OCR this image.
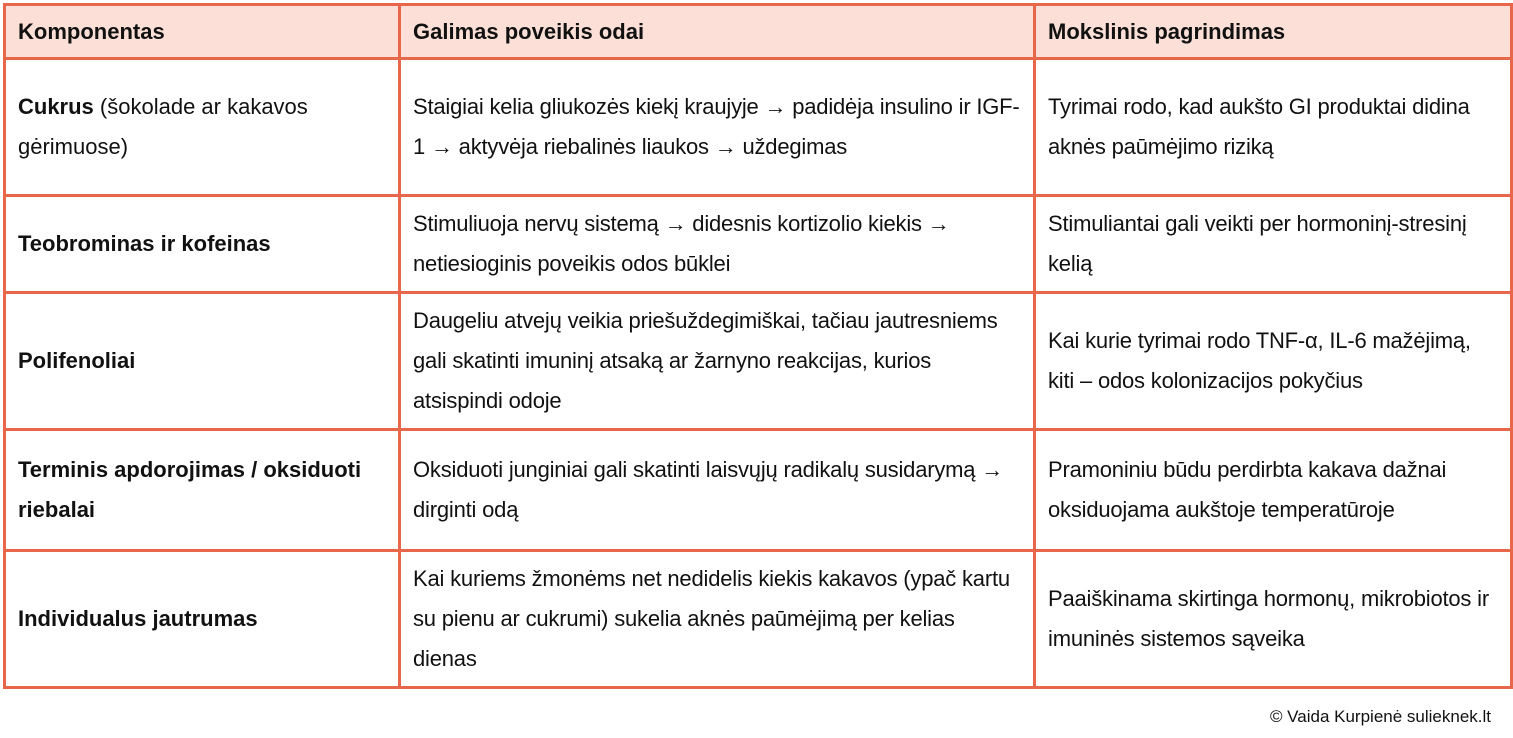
Komponentas	Galimas poveikis odai	Mokslinis pagrindimas
Cukrus (šokolade ar kakavos gėrimuose)	Staigiai kelia gliukozės kiekį kraujyje → padidėja insulino ir IGF-1 → aktyvėja riebalinės liaukos → uždegimas	Tyrimai rodo, kad aukšto GI produktai didina aknės paūmėjimo riziką
Teobrominas ir kofeinas	Stimuliuoja nervų sistemą → didesnis kortizolio kiekis → netiesioginis poveikis odos būklei	Stimuliantai gali veikti per hormoninį-stresinį kelią
Polifenoliai	Daugeliu atvejų veikia priešuždegimiškai, tačiau jautresniems gali skatinti imuninį atsaką ar žarnyno reakcijas, kurios atsispindi odoje	Kai kurie tyrimai rodo TNF-α, IL-6 mažėjimą, kiti – odos kolonizacijos pokyčius
Terminis apdorojimas / oksiduoti riebalai	Oksiduoti junginiai gali skatinti laisvųjų radikalų susidarymą → dirginti odą	Pramoniniu būdu perdirbta kakava dažnai oksiduojama aukštoje temperatūroje
Individualus jautrumas	Kai kuriems žmonėms net nedidelis kiekis kakavos (ypač kartu su pienu ar cukrumi) sukelia aknės paūmėjimą per kelias dienas	Paaiškinama skirtinga hormonų, mikrobiotos ir imuninės sistemos sąveika
© Vaida Kurpienė sulieknek.lt
